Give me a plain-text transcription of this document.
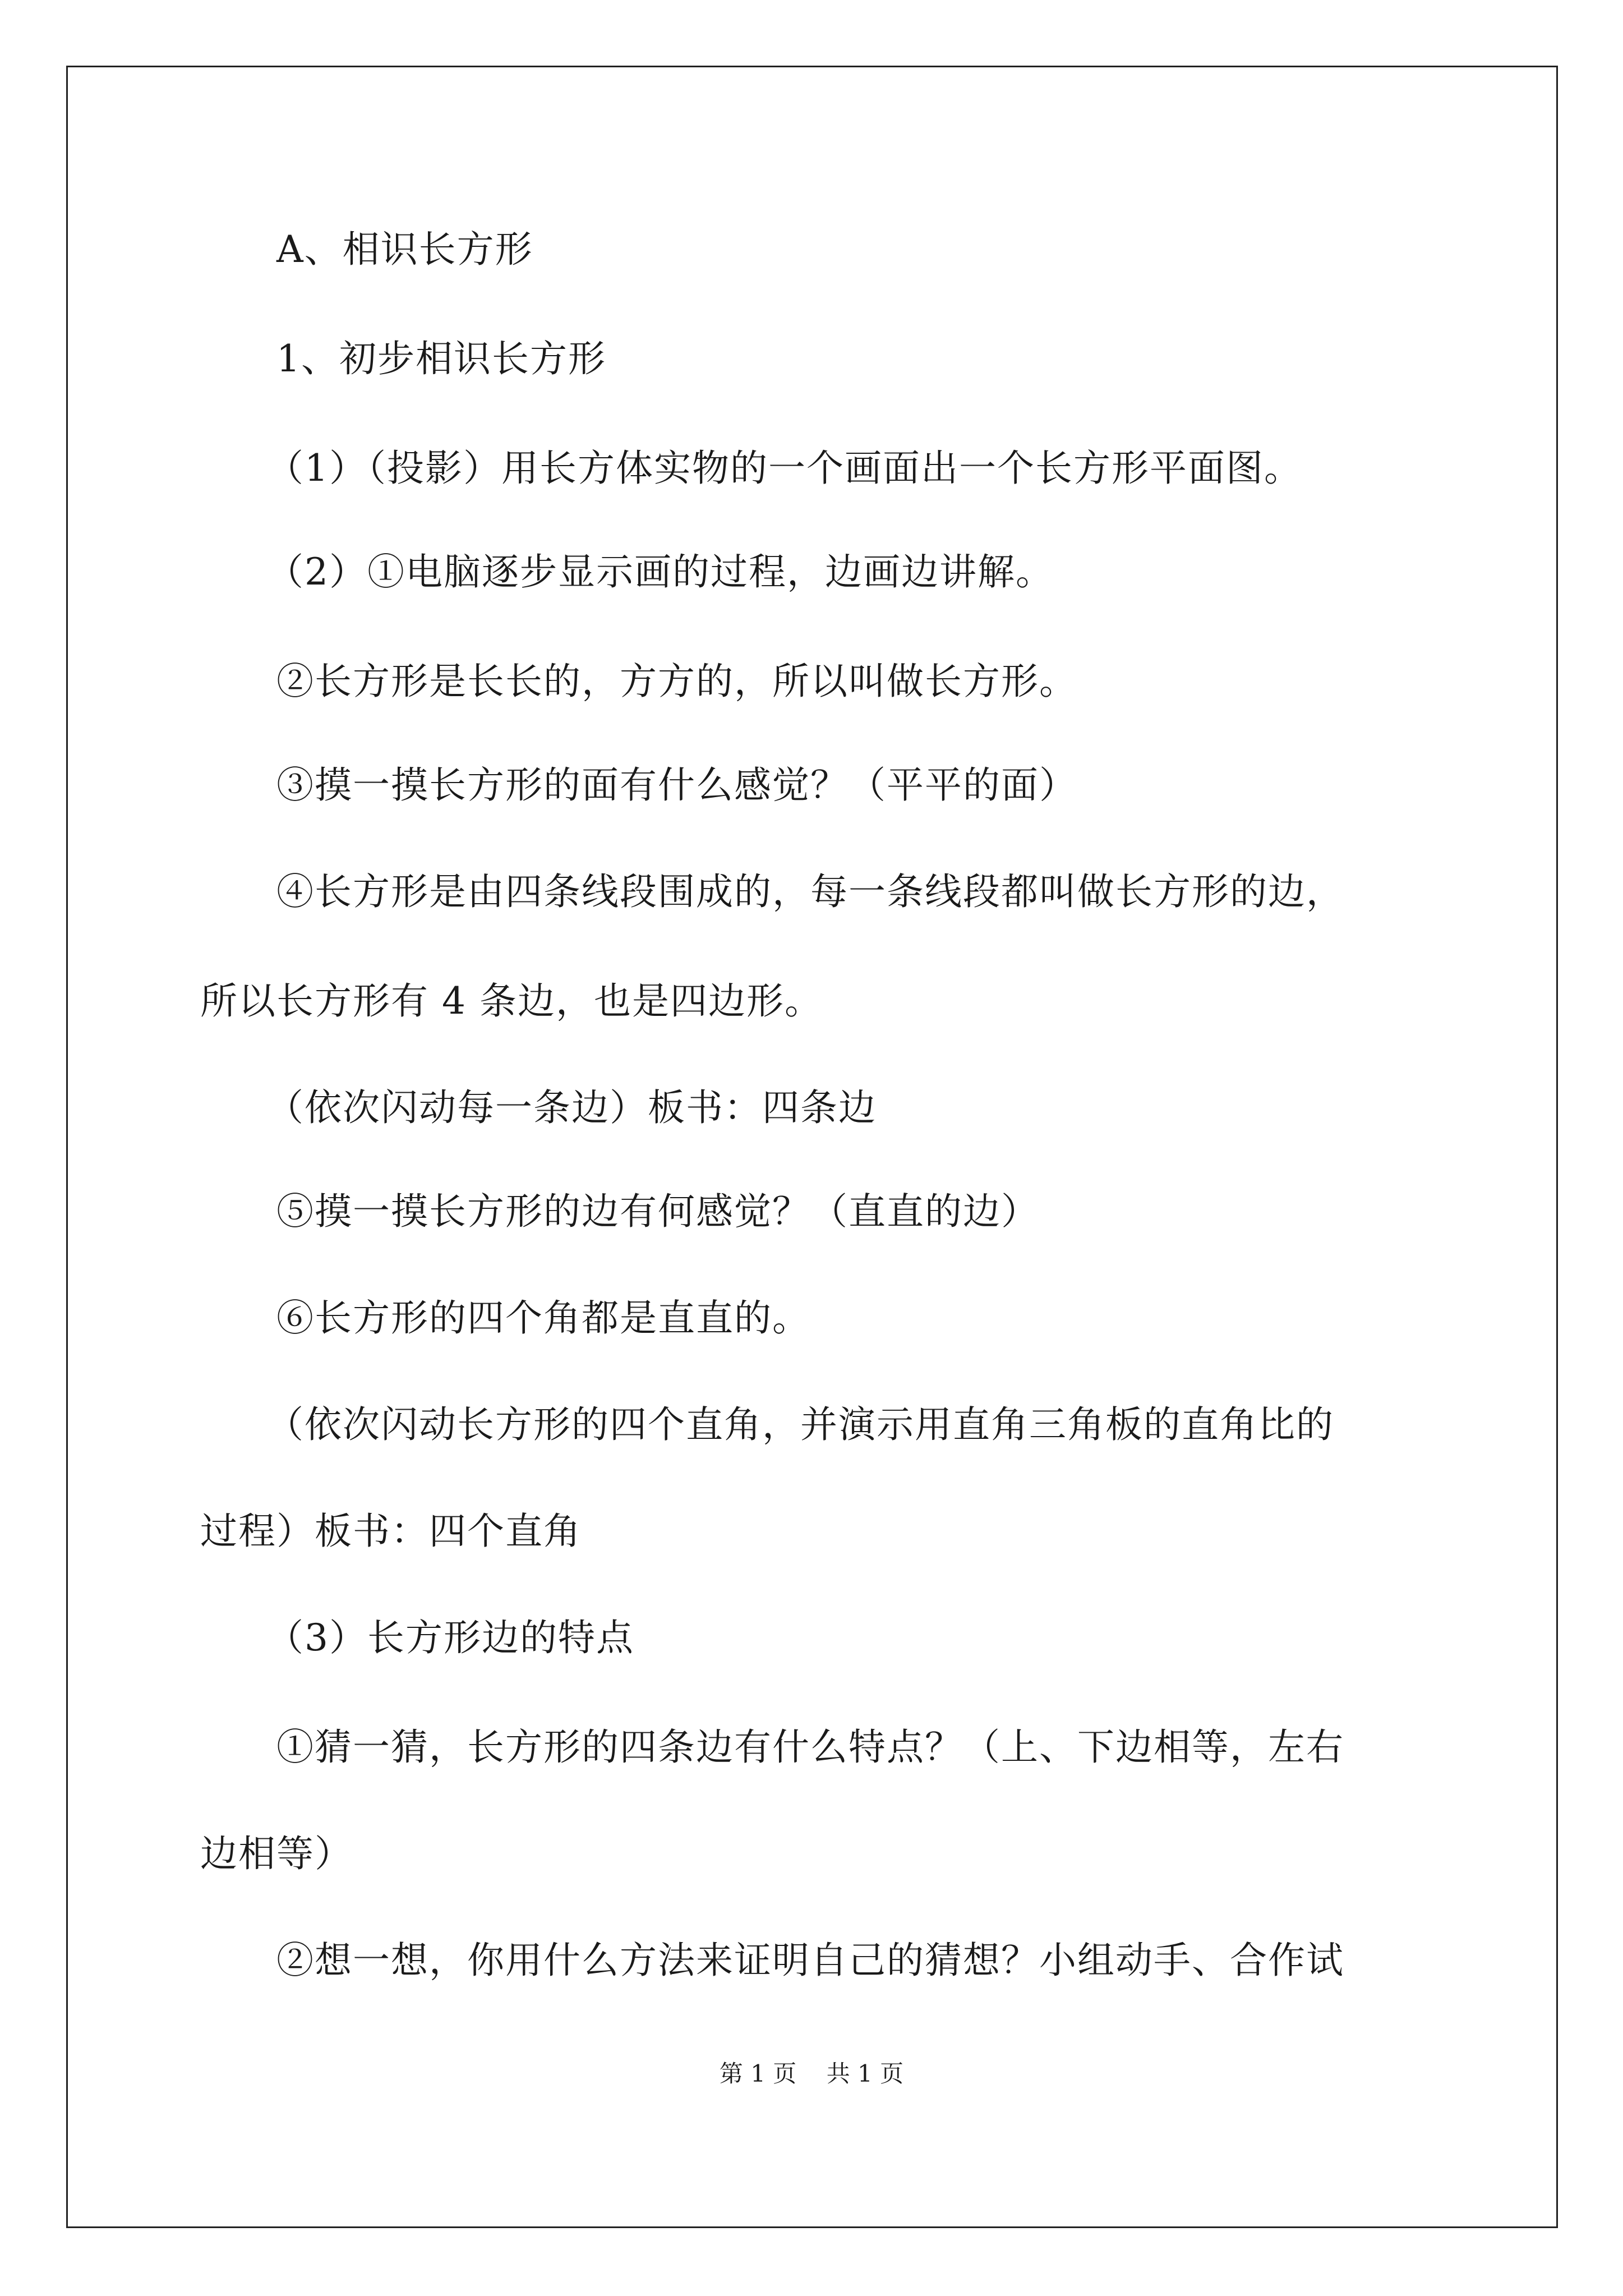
A、相识长方形
1、初步相识长方形
（1）（投影）用长方体实物的一个画面出一个长方形平面图。
（2）①电脑逐步显示画的过程，边画边讲解。
②长方形是长长的，方方的，所以叫做长方形。
③摸一摸长方形的面有什么感觉？（平平的面）
④长方形是由四条线段围成的，每一条线段都叫做长方形的边，
所以长方形有 4 条边，也是四边形。
（依次闪动每一条边）板书：四条边
⑤摸一摸长方形的边有何感觉？（直直的边）
⑥长方形的四个角都是直直的。
（依次闪动长方形的四个直角，并演示用直角三角板的直角比的
过程）板书：四个直角
（3）长方形边的特点
①猜一猜，长方形的四条边有什么特点？（上、下边相等，左右
边相等）
②想一想，你用什么方法来证明自己的猜想？小组动手、合作试
第 1 页    共 1 页
